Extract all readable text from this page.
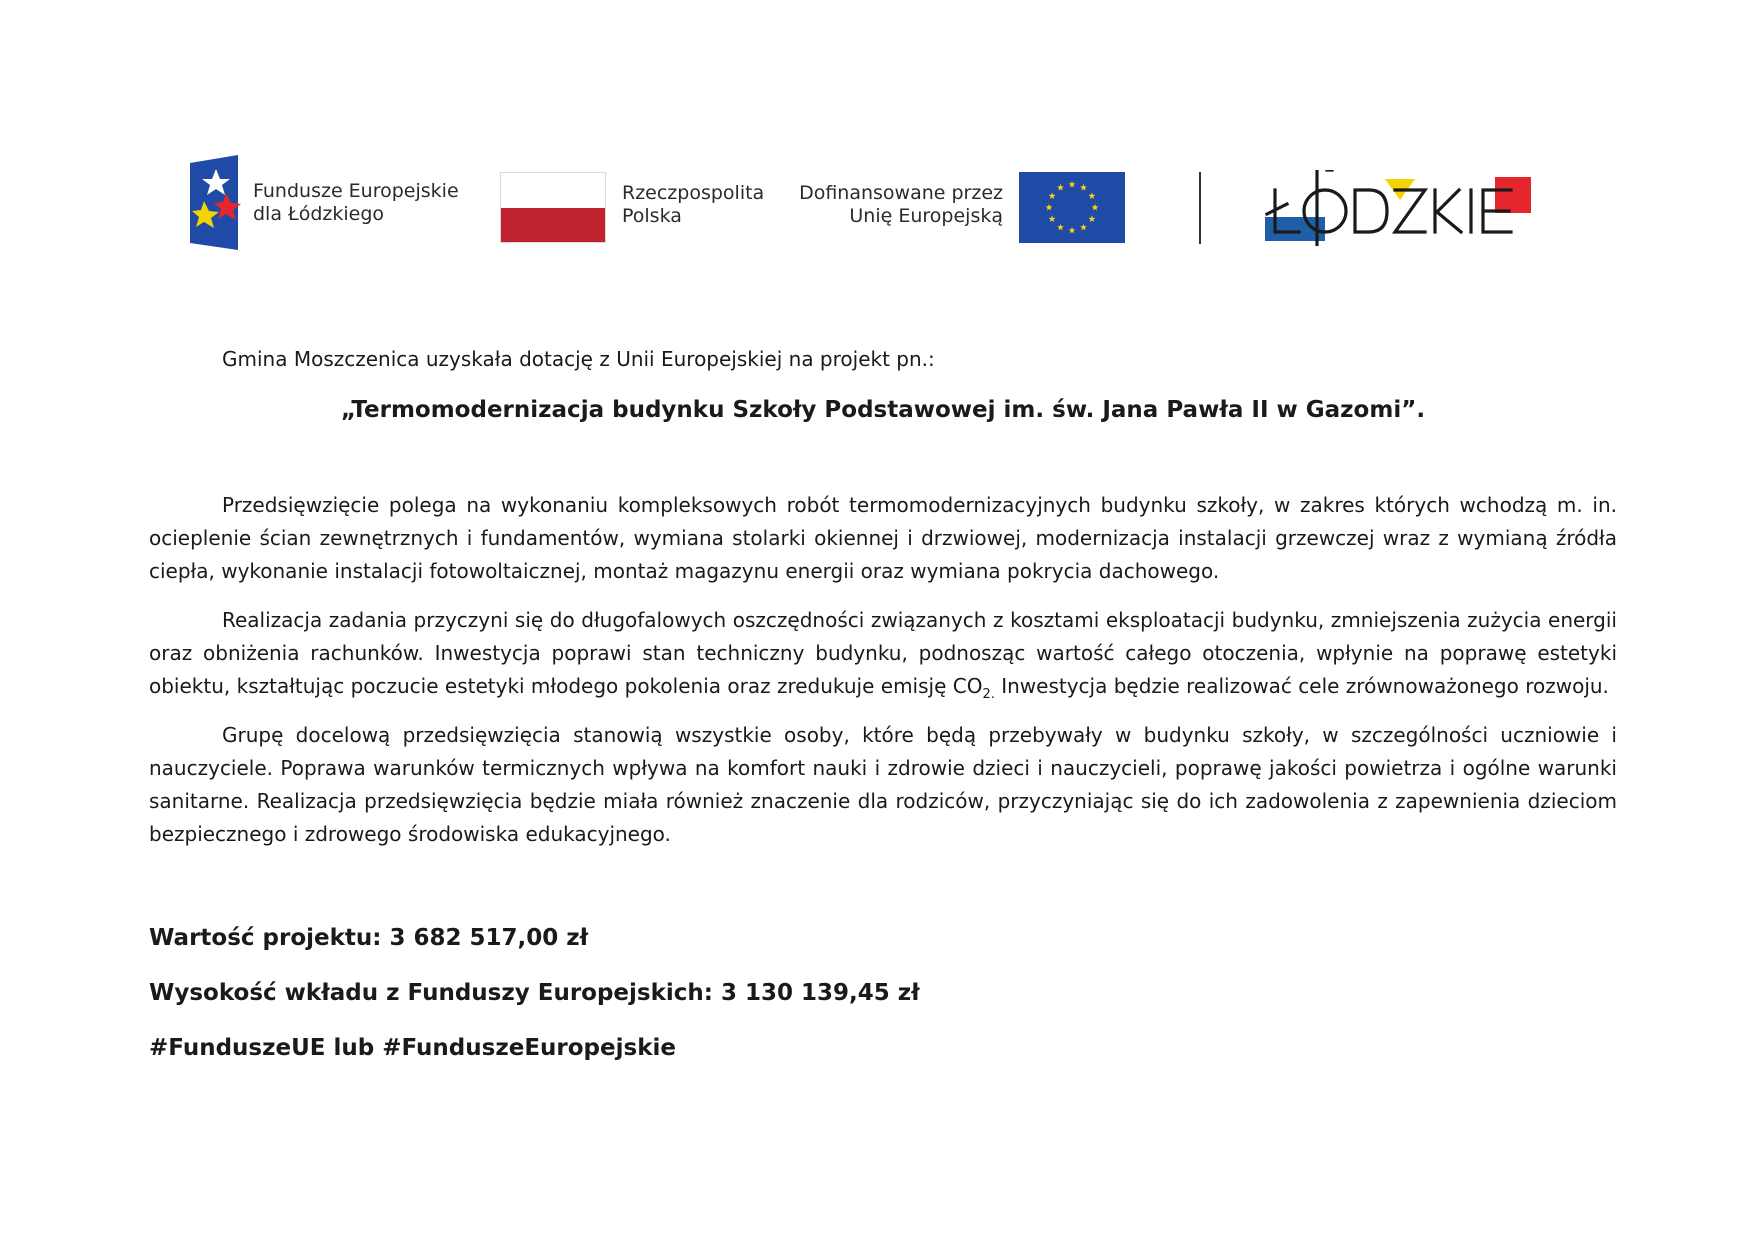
Fundusze Europejskie
dla Łódzkiego
Rzeczpospolita
Polska
Dofinansowane przez
Unię Europejską

Gmina Moszczenica uzyskała dotację z Unii Europejskiej na projekt pn.:

„Termomodernizacja budynku Szkoły Podstawowej im. św. Jana Pawła II w Gazomi”.

Przedsięwzięcie polega na wykonaniu kompleksowych robót termomodernizacyjnych budynku szkoły, w zakres których wchodzą m. in. ocieplenie ścian zewnętrznych i fundamentów, wymiana stolarki okiennej i drzwiowej, modernizacja instalacji grzewczej wraz z wymianą źródła ciepła, wykonanie instalacji fotowoltaicznej, montaż magazynu energii oraz wymiana pokrycia dachowego.

Realizacja zadania przyczyni się do długofalowych oszczędności związanych z kosztami eksploatacji budynku, zmniejszenia zużycia energii oraz obniżenia rachunków. Inwestycja poprawi stan techniczny budynku, podnosząc wartość całego otoczenia, wpłynie na poprawę estetyki obiektu, kształtując poczucie estetyki młodego pokolenia oraz zredukuje emisję $CO_{2.}$ Inwestycja będzie realizować cele zrównoważonego rozwoju.

Grupę docelową przedsięwzięcia stanowią wszystkie osoby, które będą przebywały w budynku szkoły, w szczególności uczniowie i nauczyciele. Poprawa warunków termicznych wpływa na komfort nauki i zdrowie dzieci i nauczycieli, poprawę jakości powietrza i ogólne warunki sanitarne. Realizacja przedsięwzięcia będzie miała również znaczenie dla rodziców, przyczyniając się do ich zadowolenia z zapewnienia dzieciom bezpiecznego i zdrowego środowiska edukacyjnego.

Wartość projektu: 3 682 517,00 zł

Wysokość wkładu z Funduszy Europejskich: 3 130 139,45 zł

#FunduszeUE lub #FunduszeEuropejskie
